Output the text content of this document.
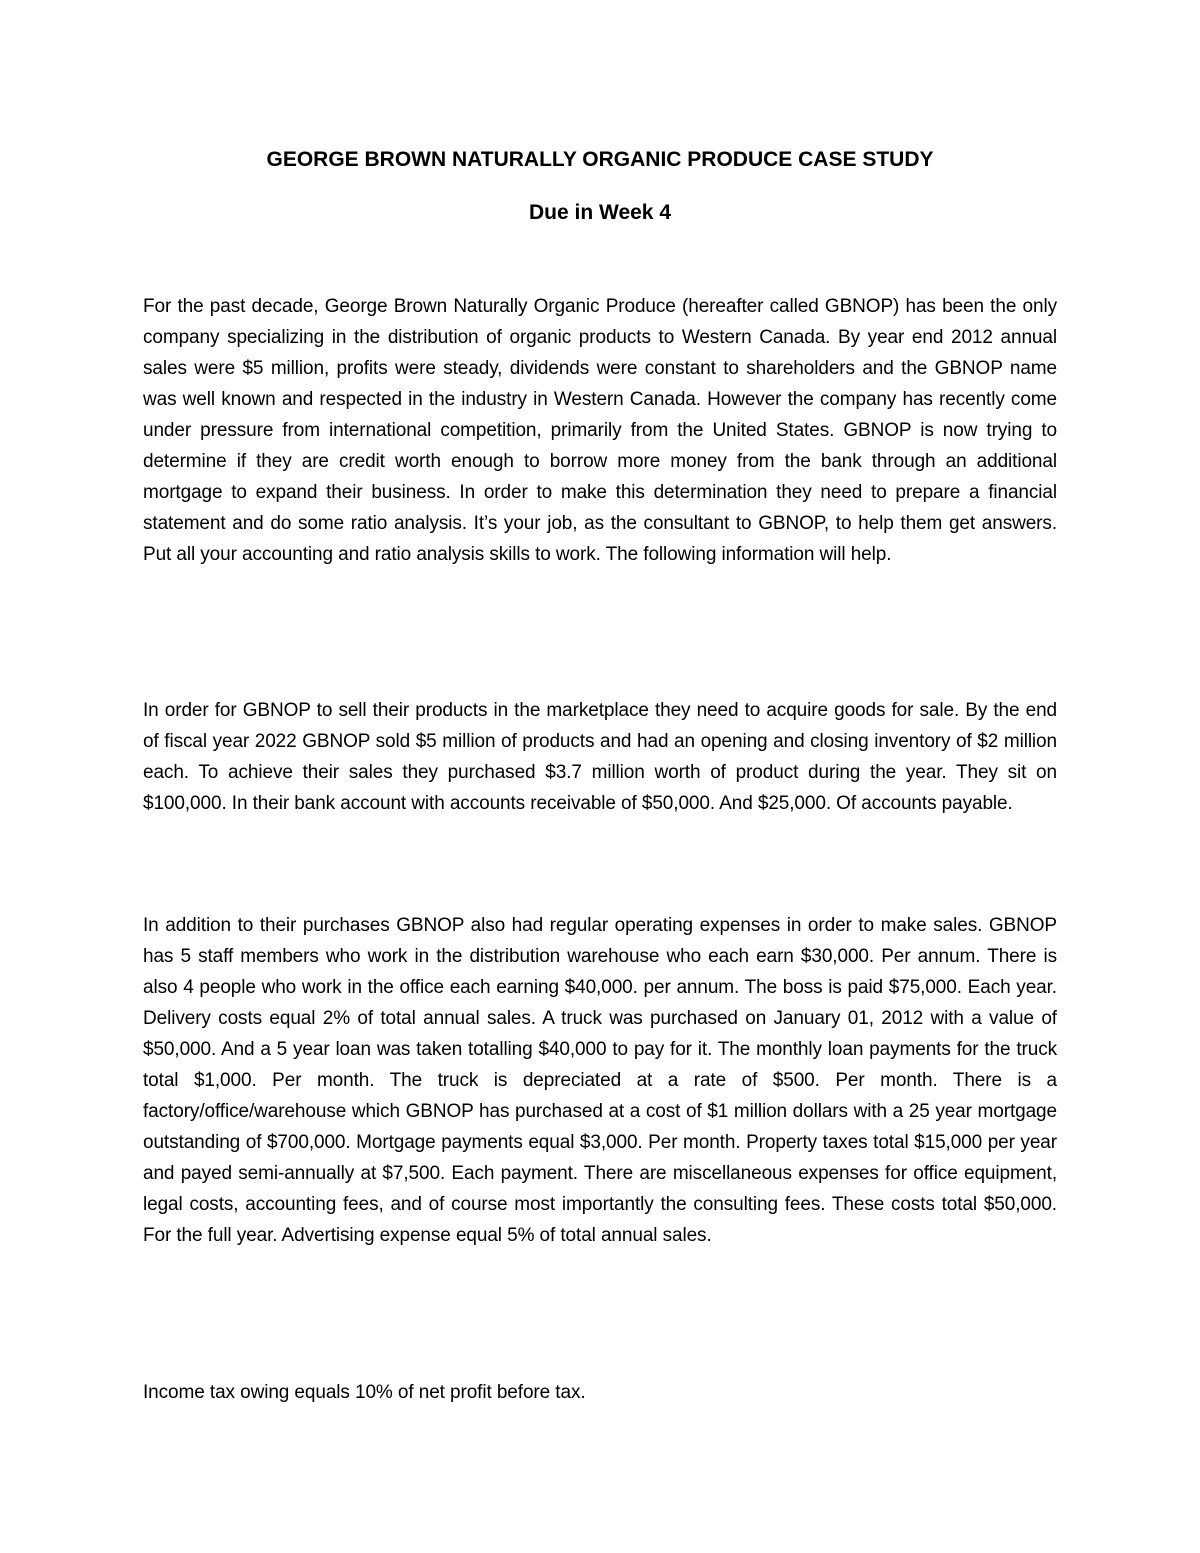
GEORGE BROWN NATURALLY ORGANIC PRODUCE CASE STUDY
Due in Week 4

For the past decade, George Brown Naturally Organic Produce (hereafter called GBNOP) has been the only company specializing in the distribution of organic products to Western Canada. By year end 2012 annual sales were $5 million, profits were steady, dividends were constant to shareholders and the GBNOP name was well known and respected in the industry in Western Canada. However the company has recently come under pressure from international competition, primarily from the United States. GBNOP is now trying to determine if they are credit worth enough to borrow more money from the bank through an additional mortgage to expand their business. In order to make this determination they need to prepare a financial statement and do some ratio analysis. It’s your job, as the consultant to GBNOP, to help them get answers. Put all your accounting and ratio analysis skills to work. The following information will help.

In order for GBNOP to sell their products in the marketplace they need to acquire goods for sale. By the end of fiscal year 2022 GBNOP sold $5 million of products and had an opening and closing inventory of $2 million each. To achieve their sales they purchased $3.7 million worth of product during the year. They sit on $100,000. In their bank account with accounts receivable of $50,000. And $25,000. Of accounts payable.

In addition to their purchases GBNOP also had regular operating expenses in order to make sales. GBNOP has 5 staff members who work in the distribution warehouse who each earn $30,000. Per annum. There is also 4 people who work in the office each earning $40,000. per annum. The boss is paid $75,000. Each year. Delivery costs equal 2% of total annual sales. A truck was purchased on January 01, 2012 with a value of $50,000. And a 5 year loan was taken totalling $40,000 to pay for it. The monthly loan payments for the truck total $1,000. Per month. The truck is depreciated at a rate of $500. Per month. There is a factory/office/warehouse which GBNOP has purchased at a cost of $1 million dollars with a 25 year mortgage outstanding of $700,000. Mortgage payments equal $3,000. Per month. Property taxes total $15,000 per year and payed semi-annually at $7,500. Each payment. There are miscellaneous expenses for office equipment, legal costs, accounting fees, and of course most importantly the consulting fees. These costs total $50,000. For the full year. Advertising expense equal 5% of total annual sales.

Income tax owing equals 10% of net profit before tax.
